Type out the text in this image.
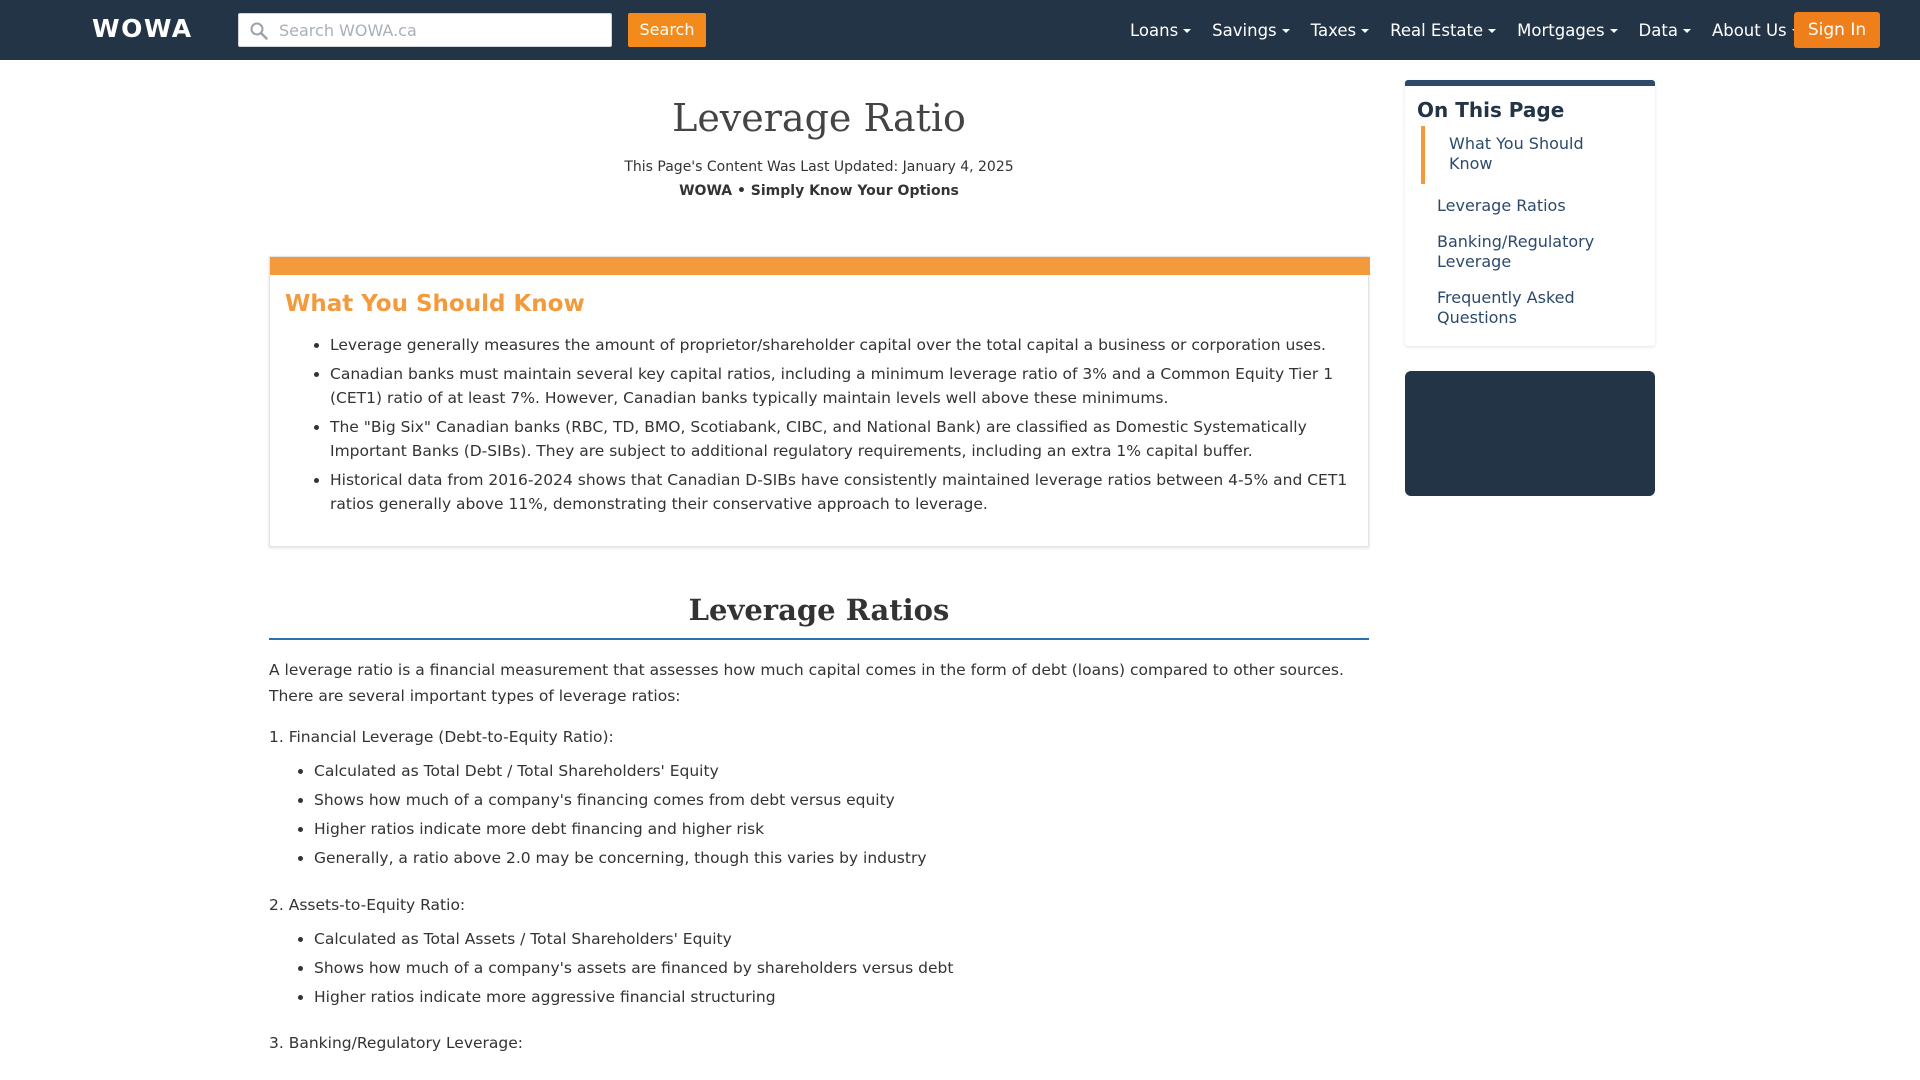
WOWA
Search WOWA.ca	Search	Loans Savings Taxes Real Estate Mortgages Data About Us	Sign In
Leverage Ratio
This Page's Content Was Last Updated: January 4, 2025
WOWA • Simply Know Your Options
What You Should Know
• Leverage generally measures the amount of proprietor/shareholder capital over the total capital a business or corporation uses.
• Canadian banks must maintain several key capital ratios, including a minimum leverage ratio of 3% and a Common Equity Tier 1 (CET1) ratio of at least 7%. However, Canadian banks typically maintain levels well above these minimums.
• The "Big Six" Canadian banks (RBC, TD, BMO, Scotiabank, CIBC, and National Bank) are classified as Domestic Systematically Important Banks (D-SIBs). They are subject to additional regulatory requirements, including an extra 1% capital buffer.
• Historical data from 2016-2024 shows that Canadian D-SIBs have consistently maintained leverage ratios between 4-5% and CET1 ratios generally above 11%, demonstrating their conservative approach to leverage.
Leverage Ratios

A leverage ratio is a financial measurement that assesses how much capital comes in the form of debt (loans) compared to other sources. There are several important types of leverage ratios:

1. Financial Leverage (Debt-to-Equity Ratio):
• Calculated as Total Debt / Total Shareholders' Equity
• Shows how much of a company's financing comes from debt versus equity
• Higher ratios indicate more debt financing and higher risk
• Generally, a ratio above 2.0 may be concerning, though this varies by industry
2. Assets-to-Equity Ratio:
• Calculated as Total Assets / Total Shareholders' Equity
• Shows how much of a company's assets are financed by shareholders versus debt
• Higher ratios indicate more aggressive financial structuring
3. Banking/Regulatory Leverage:
On This Page
What You Should Know
Leverage Ratios
Banking/Regulatory Leverage
Frequently Asked Questions
